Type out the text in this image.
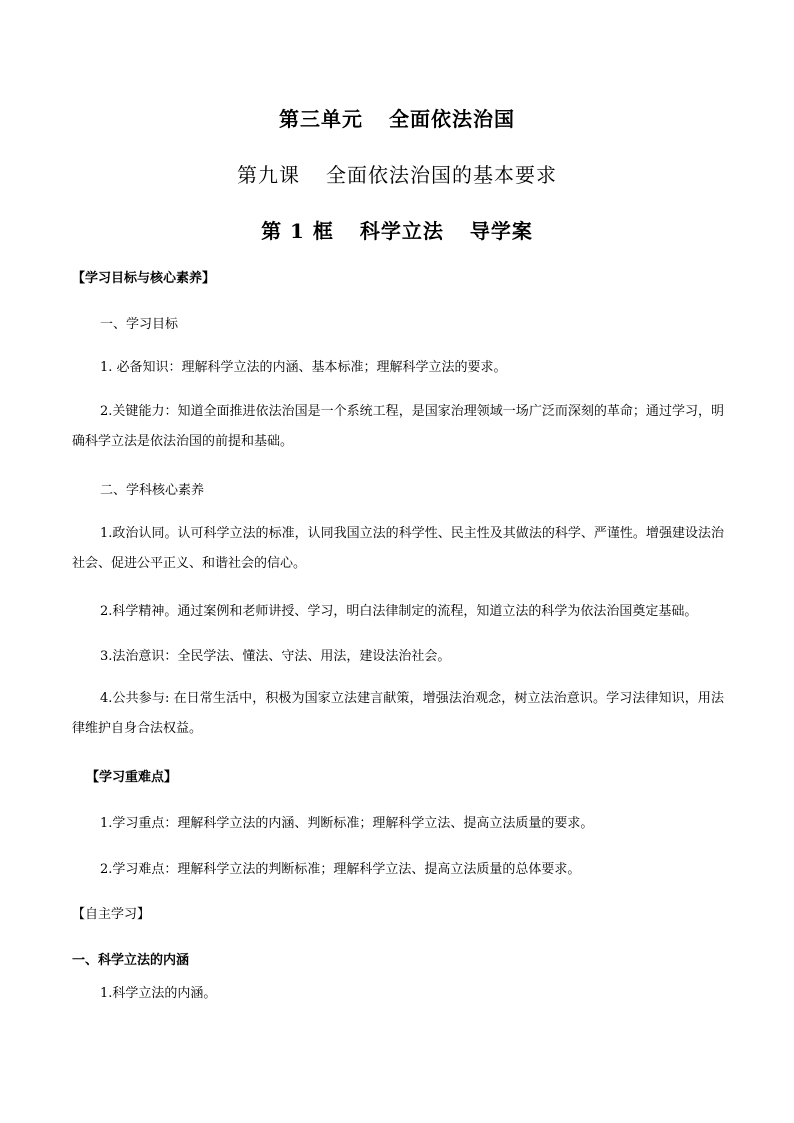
第三单元 全面依法治国
第九课 全面依法治国的基本要求
第 1 框 科学立法 导学案
【学习目标与核心素养】
一、学习目标
1. 必备知识：理解科学立法的内涵、基本标准；理解科学立法的要求。
2.关键能力：知道全面推进依法治国是一个系统工程，是国家治理领域一场广泛而深刻的革命；通过学习，明确科学立法是依法治国的前提和基础。
二、学科核心素养
1.政治认同。认可科学立法的标准，认同我国立法的科学性、民主性及其做法的科学、严谨性。增强建设法治社会、促进公平正义、和谐社会的信心。
2.科学精神。通过案例和老师讲授、学习，明白法律制定的流程，知道立法的科学为依法治国奠定基础。
3.法治意识：全民学法、懂法、守法、用法，建设法治社会。
4.公共参与: 在日常生活中，积极为国家立法建言献策，增强法治观念，树立法治意识。学习法律知识，用法律维护自身合法权益。
【学习重难点】
1.学习重点：理解科学立法的内涵、判断标准；理解科学立法、提高立法质量的要求。
2.学习难点：理解科学立法的判断标准；理解科学立法、提高立法质量的总体要求。
【自主学习】
一、科学立法的内涵
1.科学立法的内涵。
